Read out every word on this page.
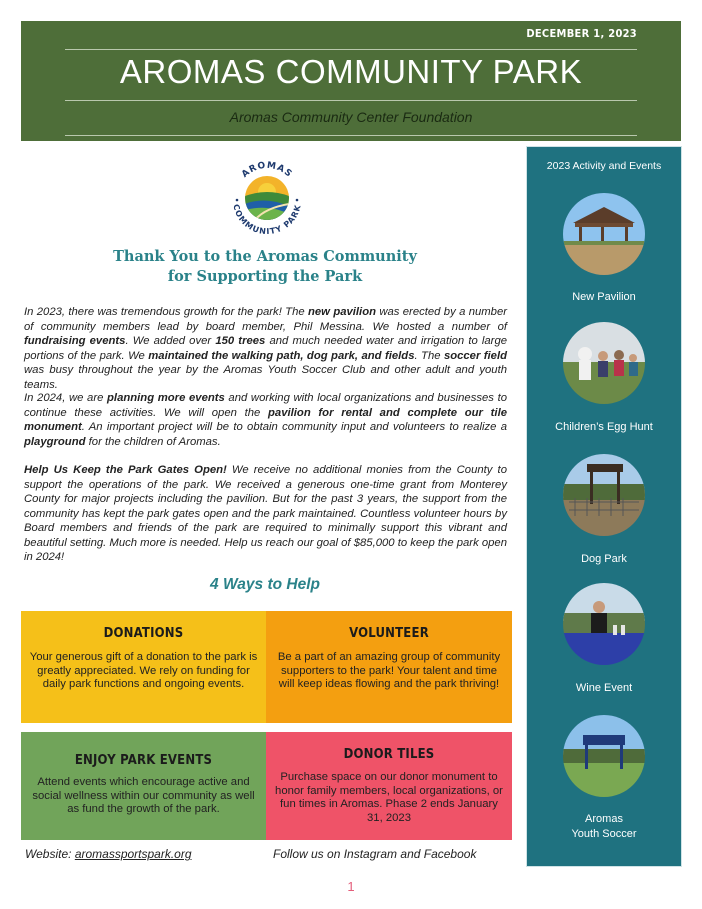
DECEMBER 1, 2023
AROMAS COMMUNITY PARK
Aromas Community Center Foundation
AROMAS
COMMUNITY PARK
Thank You to the Aromas Community
for Supporting the Park
In 2023, there was tremendous growth for the park! The new pavilion was erected by a number of community members lead by board member, Phil Messina. We hosted a number of fundraising events. We added over 150 trees and much needed water and irrigation to large portions of the park. We maintained the walking path, dog park, and fields. The soccer field was busy throughout the year by the Aromas Youth Soccer Club and other adult and youth teams.
In 2024, we are planning more events and working with local organizations and businesses to continue these activities. We will open the pavilion for rental and complete our tile monument. An important project will be to obtain community input and volunteers to realize a playground for the children of Aromas.
Help Us Keep the Park Gates Open! We receive no additional monies from the County to support the operations of the park. We received a generous one-time grant from Monterey County for major projects including the pavilion. But for the past 3 years, the support from the community has kept the park gates open and the park maintained. Countless volunteer hours by Board members and friends of the park are required to minimally support this vibrant and beautiful setting. Much more is needed. Help us reach our goal of $85,000 to keep the park open in 2024!
4 Ways to Help
DONATIONS
Your generous gift of a donation to the park is greatly appreciated. We rely on funding for daily park functions and ongoing events.
VOLUNTEER
Be a part of an amazing group of community supporters to the park! Your talent and time will keep ideas flowing and the park thriving!
ENJOY PARK EVENTS
Attend events which encourage active and social wellness within our community as well as fund the growth of the park.
DONOR TILES
Purchase space on our donor monument to honor family members, local organizations, or fun times in Aromas. Phase 2 ends January 31, 2023
Website: aromassportspark.org	Follow us on Instagram and Facebook
1
2023 Activity and Events
New Pavilion
Children’s Egg Hunt
Dog Park
Wine Event
Aromas
Youth Soccer
